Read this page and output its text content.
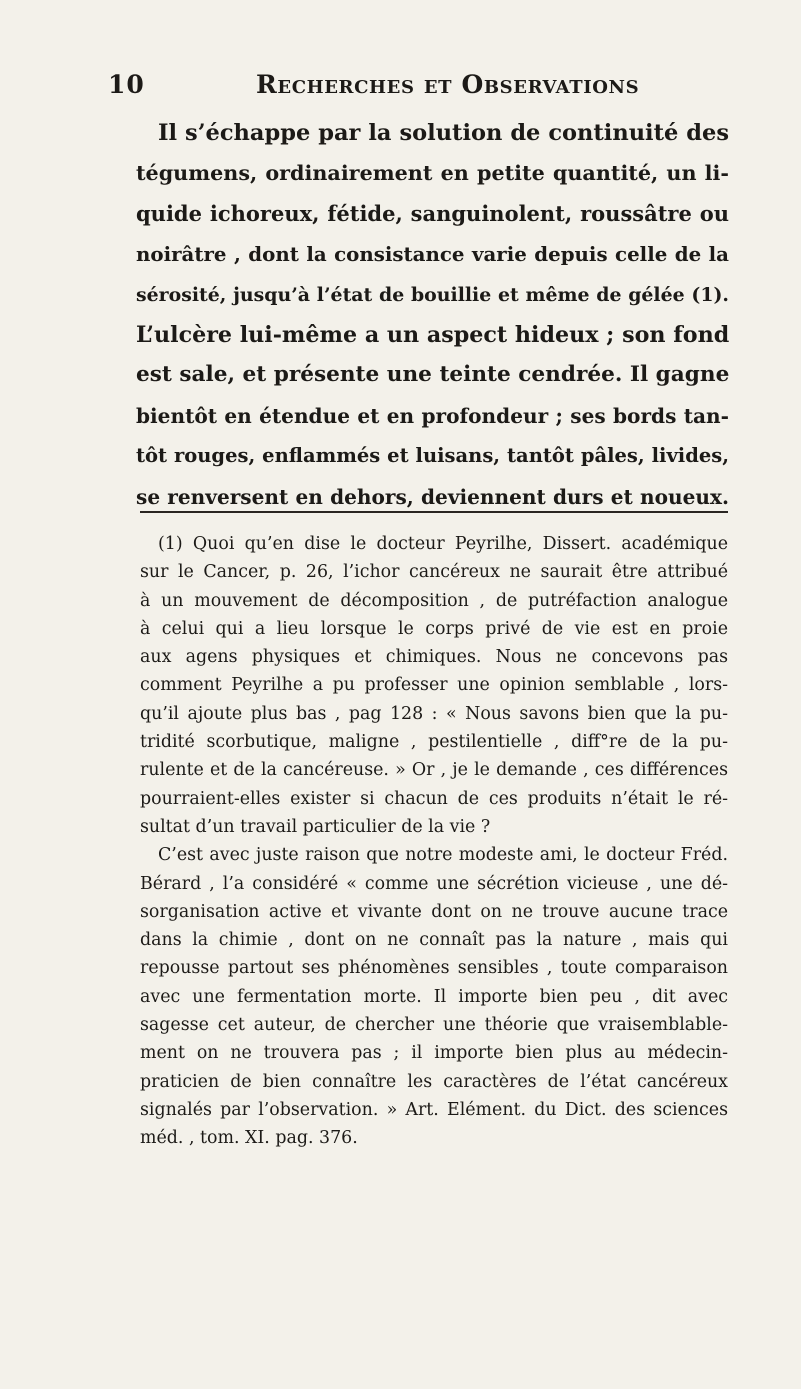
10	Recherches et Observations
Il s’échappe par la solution de continuité des
tégumens, ordinairement en petite quantité, un li-
quide ichoreux, fétide, sanguinolent, roussâtre ou
noirâtre , dont la consistance varie depuis celle de la
sérosité, jusqu’à l’état de bouillie et même de gélée (1).
L’ulcère lui-même a un aspect hideux ; son fond
est sale, et présente une teinte cendrée. Il gagne
bientôt en étendue et en profondeur ; ses bords tan-
tôt rouges, enflammés et luisans, tantôt pâles, livides,
se renversent en dehors, deviennent durs et noueux.
(1) Quoi qu’en dise le docteur Peyrilhe, Dissert. académique
sur le Cancer, p. 26, l’ichor cancéreux ne saurait être attribué
à un mouvement de décomposition , de putréfaction analogue
à celui qui a lieu lorsque le corps privé de vie est en proie
aux agens physiques et chimiques. Nous ne concevons pas
comment Peyrilhe a pu professer une opinion semblable , lors-
qu’il ajoute plus bas , pag 128 : « Nous savons bien que la pu-
tridité scorbutique, maligne , pestilentielle , diff°re de la pu-
rulente et de la cancéreuse. » Or , je le demande , ces différences
pourraient-elles exister si chacun de ces produits n’était le ré-
sultat d’un travail particulier de la vie ?
C’est avec juste raison que notre modeste ami, le docteur Fréd.
Bérard , l’a considéré « comme une sécrétion vicieuse , une dé-
sorganisation active et vivante dont on ne trouve aucune trace
dans la chimie , dont on ne connaît pas la nature , mais qui
repousse partout ses phénomènes sensibles , toute comparaison
avec une fermentation morte. Il importe bien peu , dit avec
sagesse cet auteur, de chercher une théorie que vraisemblable-
ment on ne trouvera pas ; il importe bien plus au médecin-
praticien de bien connaître les caractères de l’état cancéreux
signalés par l’observation. » Art. Elément. du Dict. des sciences
méd. , tom. XI. pag. 376.
